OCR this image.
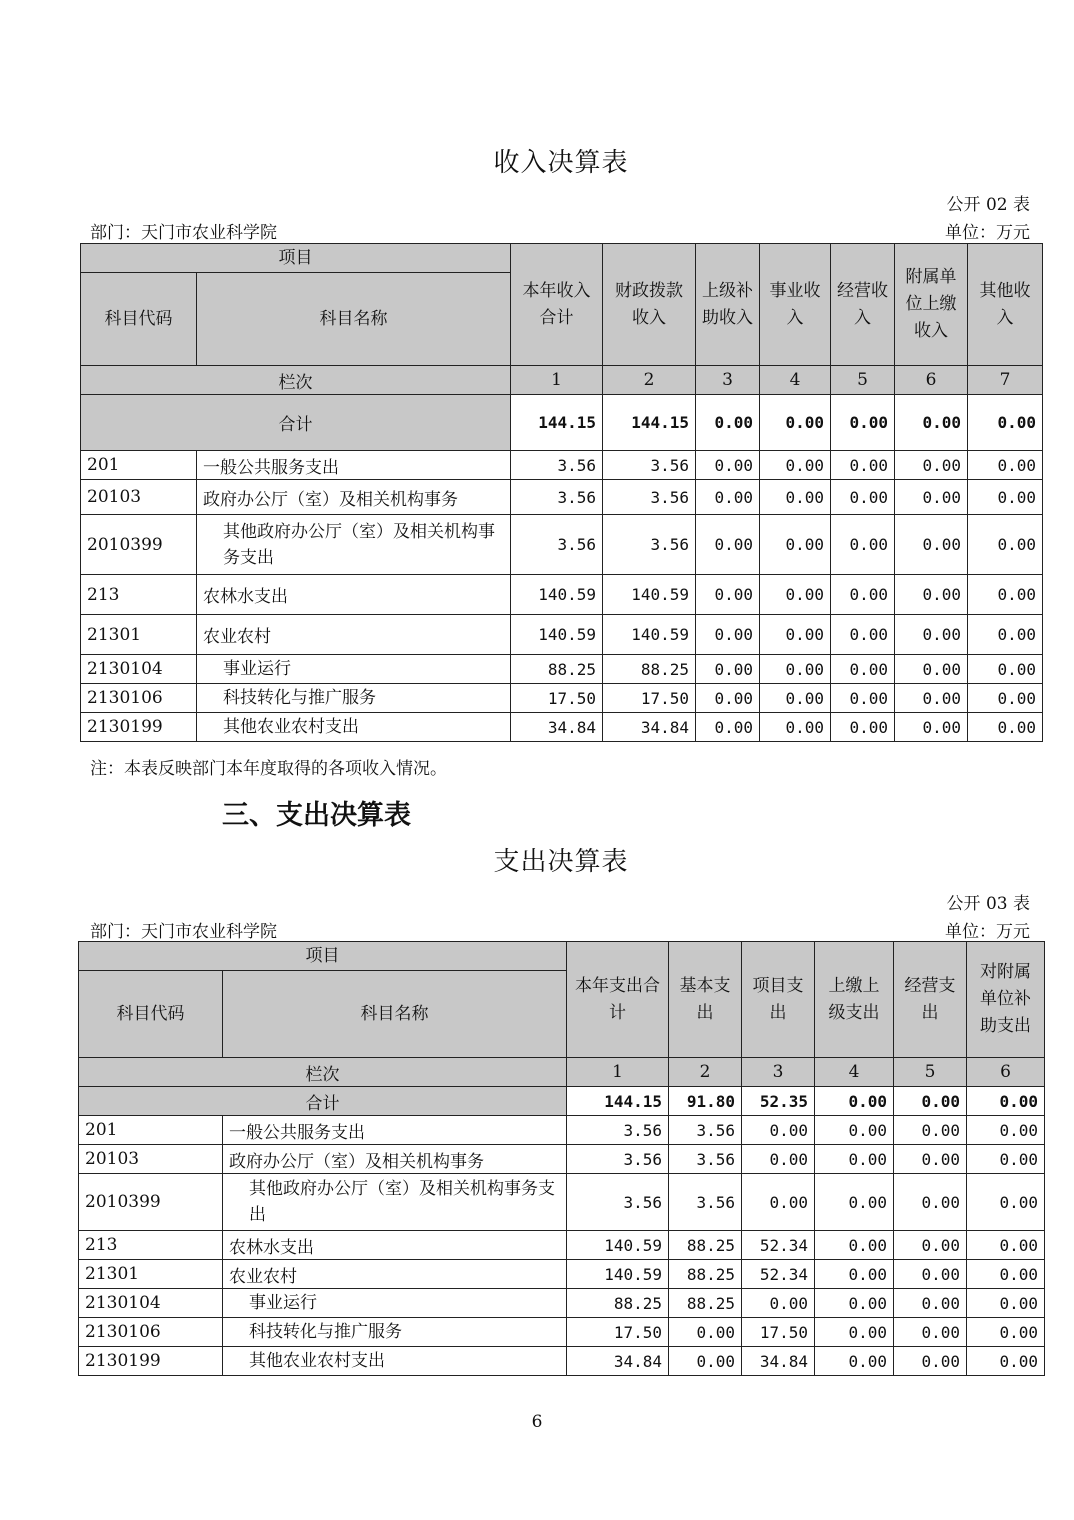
收入决算表
公开 02 表
部门：天门市农业科学院	单位：万元
项目		本年收入合计	财政拨款收入	上级补助收入	事业收入	经营收入	附属单位上缴收入	其他收入
科目代码	科目名称							
栏次		1	2	3	4	5	6	7
合计		144.15	144.15	0.00	0.00	0.00	0.00	0.00
201	一般公共服务支出	3.56	3.56	0.00	0.00	0.00	0.00	0.00
20103	政府办公厅（室）及相关机构事务	3.56	3.56	0.00	0.00	0.00	0.00	0.00
2010399	其他政府办公厅（室）及相关机构事务支出	3.56	3.56	0.00	0.00	0.00	0.00	0.00
213	农林水支出	140.59	140.59	0.00	0.00	0.00	0.00	0.00
21301	农业农村	140.59	140.59	0.00	0.00	0.00	0.00	0.00
2130104	事业运行	88.25	88.25	0.00	0.00	0.00	0.00	0.00
2130106	科技转化与推广服务	17.50	17.50	0.00	0.00	0.00	0.00	0.00
2130199	其他农业农村支出	34.84	34.84	0.00	0.00	0.00	0.00	0.00
注：本表反映部门本年度取得的各项收入情况。
三、支出决算表
支出决算表
公开 03 表
部门：天门市农业科学院	单位：万元
项目		本年支出合计	基本支出	项目支出	上缴上级支出	经营支出	对附属单位补助支出
科目代码	科目名称						
栏次		1	2	3	4	5	6
合计		144.15	91.80	52.35	0.00	0.00	0.00
201	一般公共服务支出	3.56	3.56	0.00	0.00	0.00	0.00
20103	政府办公厅（室）及相关机构事务	3.56	3.56	0.00	0.00	0.00	0.00
2010399	其他政府办公厅（室）及相关机构事务支出	3.56	3.56	0.00	0.00	0.00	0.00
213	农林水支出	140.59	88.25	52.34	0.00	0.00	0.00
21301	农业农村	140.59	88.25	52.34	0.00	0.00	0.00
2130104	事业运行	88.25	88.25	0.00	0.00	0.00	0.00
2130106	科技转化与推广服务	17.50	0.00	17.50	0.00	0.00	0.00
2130199	其他农业农村支出	34.84	0.00	34.84	0.00	0.00	0.00
6
